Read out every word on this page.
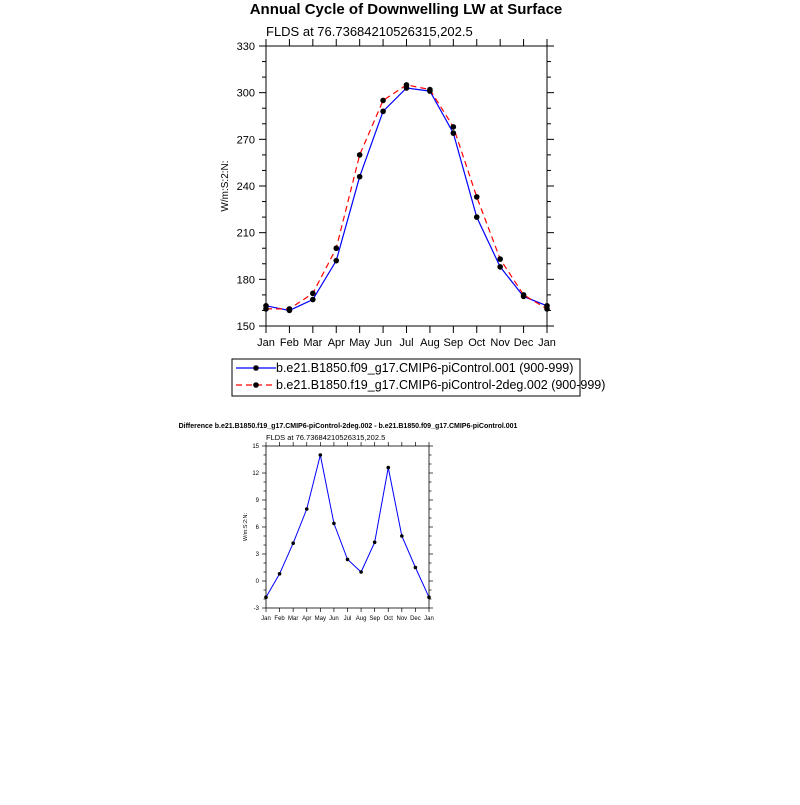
Annual Cycle of Downwelling LW at Surface
FLDS at 76.73684210526315,202.5
W/m:S:2:N:
150
180
210
240
270
300
330
Jan Feb Mar Apr May Jun Jul Aug Sep Oct Nov Dec Jan
b.e21.B1850.f09_g17.CMIP6-piControl.001 (900-999)
b.e21.B1850.f19_g17.CMIP6-piControl-2deg.002 (900-999)
Difference b.e21.B1850.f19_g17.CMIP6-piControl-2deg.002 - b.e21.B1850.f09_g17.CMIP6-piControl.001
FLDS at 76.73684210526315,202.5
W/m:S:2:N:
-3
0
3
6
9
12
15
Jan Feb Mar Apr May Jun Jul Aug Sep Oct Nov Dec Jan
